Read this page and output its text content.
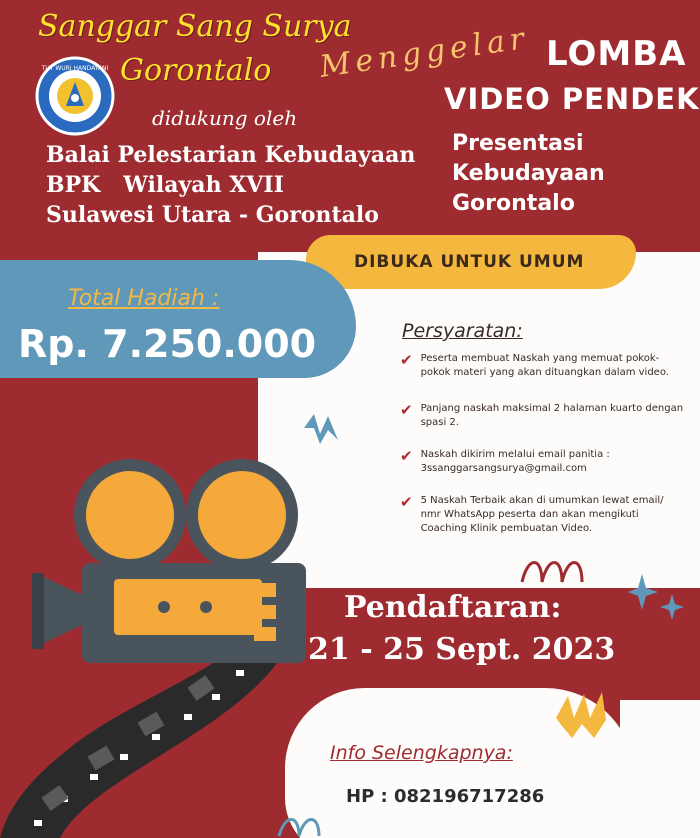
Sanggar Sang Surya
Gorontalo
TUT WURI HANDAYANI
didukung oleh
Balai Pelestarian Kebudayaan
BPK   Wilayah XVII
Sulawesi Utara - Gorontalo
Menggelar LOMBA
VIDEO PENDEK
Presentasi
Kebudayaan
Gorontalo
DIBUKA UNTUK UMUM
Total Hadiah :
Rp. 7.250.000	Persyaratan:
✔ Peserta membuat Naskah yang memuat pokok-pokok materi yang akan dituangkan dalam video.
✔ Panjang naskah maksimal 2 halaman kuarto dengan spasi 2.
✔ Naskah dikirim melalui email panitia : 3ssanggarsangsurya@gmail.com
✔ 5 Naskah Terbaik akan di umumkan lewat email/ nmr WhatsApp peserta dan akan mengikuti Coaching Klinik pembuatan Video.
Pendaftaran:
21 - 25 Sept. 2023
Info Selengkapnya:
HP : 082196717286
